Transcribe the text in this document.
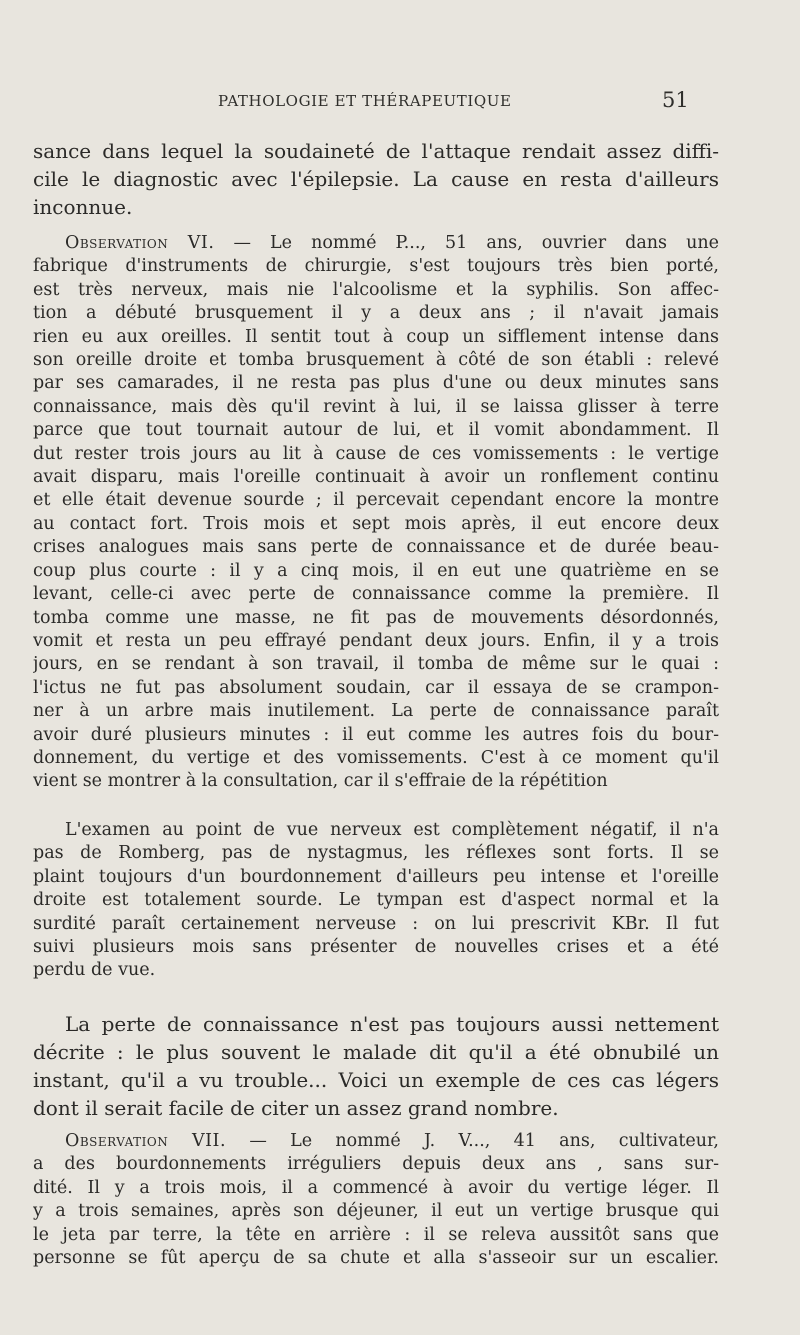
PATHOLOGIE ET THÉRAPEUTIQUE	51
sance dans lequel la soudaineté de l'attaque rendait assez diffi-
cile le diagnostic avec l'épilepsie. La cause en resta d'ailleurs
inconnue.
Observation VI. — Le nommé P..., 51 ans, ouvrier dans une
fabrique d'instruments de chirurgie, s'est toujours très bien porté,
est très nerveux, mais nie l'alcoolisme et la syphilis. Son affec-
tion a débuté brusquement il y a deux ans ; il n'avait jamais
rien eu aux oreilles. Il sentit tout à coup un sifflement intense dans
son oreille droite et tomba brusquement à côté de son établi : relevé
par ses camarades, il ne resta pas plus d'une ou deux minutes sans
connaissance, mais dès qu'il revint à lui, il se laissa glisser à terre
parce que tout tournait autour de lui, et il vomit abondamment. Il
dut rester trois jours au lit à cause de ces vomissements : le vertige
avait disparu, mais l'oreille continuait à avoir un ronflement continu
et elle était devenue sourde ; il percevait cependant encore la montre
au contact fort. Trois mois et sept mois après, il eut encore deux
crises analogues mais sans perte de connaissance et de durée beau-
coup plus courte : il y a cinq mois, il en eut une quatrième en se
levant, celle-ci avec perte de connaissance comme la première. Il
tomba comme une masse, ne fit pas de mouvements désordonnés,
vomit et resta un peu effrayé pendant deux jours. Enfin, il y a trois
jours, en se rendant à son travail, il tomba de même sur le quai :
l'ictus ne fut pas absolument soudain, car il essaya de se crampon-
ner à un arbre mais inutilement. La perte de connaissance paraît
avoir duré plusieurs minutes : il eut comme les autres fois du bour-
donnement, du vertige et des vomissements. C'est à ce moment qu'il
vient se montrer à la consultation, car il s'effraie de la répétition
L'examen au point de vue nerveux est complètement négatif, il n'a
pas de Romberg, pas de nystagmus, les réflexes sont forts. Il se
plaint toujours d'un bourdonnement d'ailleurs peu intense et l'oreille
droite est totalement sourde. Le tympan est d'aspect normal et la
surdité paraît certainement nerveuse : on lui prescrivit KBr. Il fut
suivi plusieurs mois sans présenter de nouvelles crises et a été
perdu de vue.
La perte de connaissance n'est pas toujours aussi nettement
décrite : le plus souvent le malade dit qu'il a été obnubilé un
instant, qu'il a vu trouble... Voici un exemple de ces cas légers
dont il serait facile de citer un assez grand nombre.
Observation VII. — Le nommé J. V..., 41 ans, cultivateur,
a des bourdonnements irréguliers depuis deux ans , sans sur-
dité. Il y a trois mois, il a commencé à avoir du vertige léger. Il
y a trois semaines, après son déjeuner, il eut un vertige brusque qui
le jeta par terre, la tête en arrière : il se releva aussitôt sans que
personne se fût aperçu de sa chute et alla s'asseoir sur un escalier.
